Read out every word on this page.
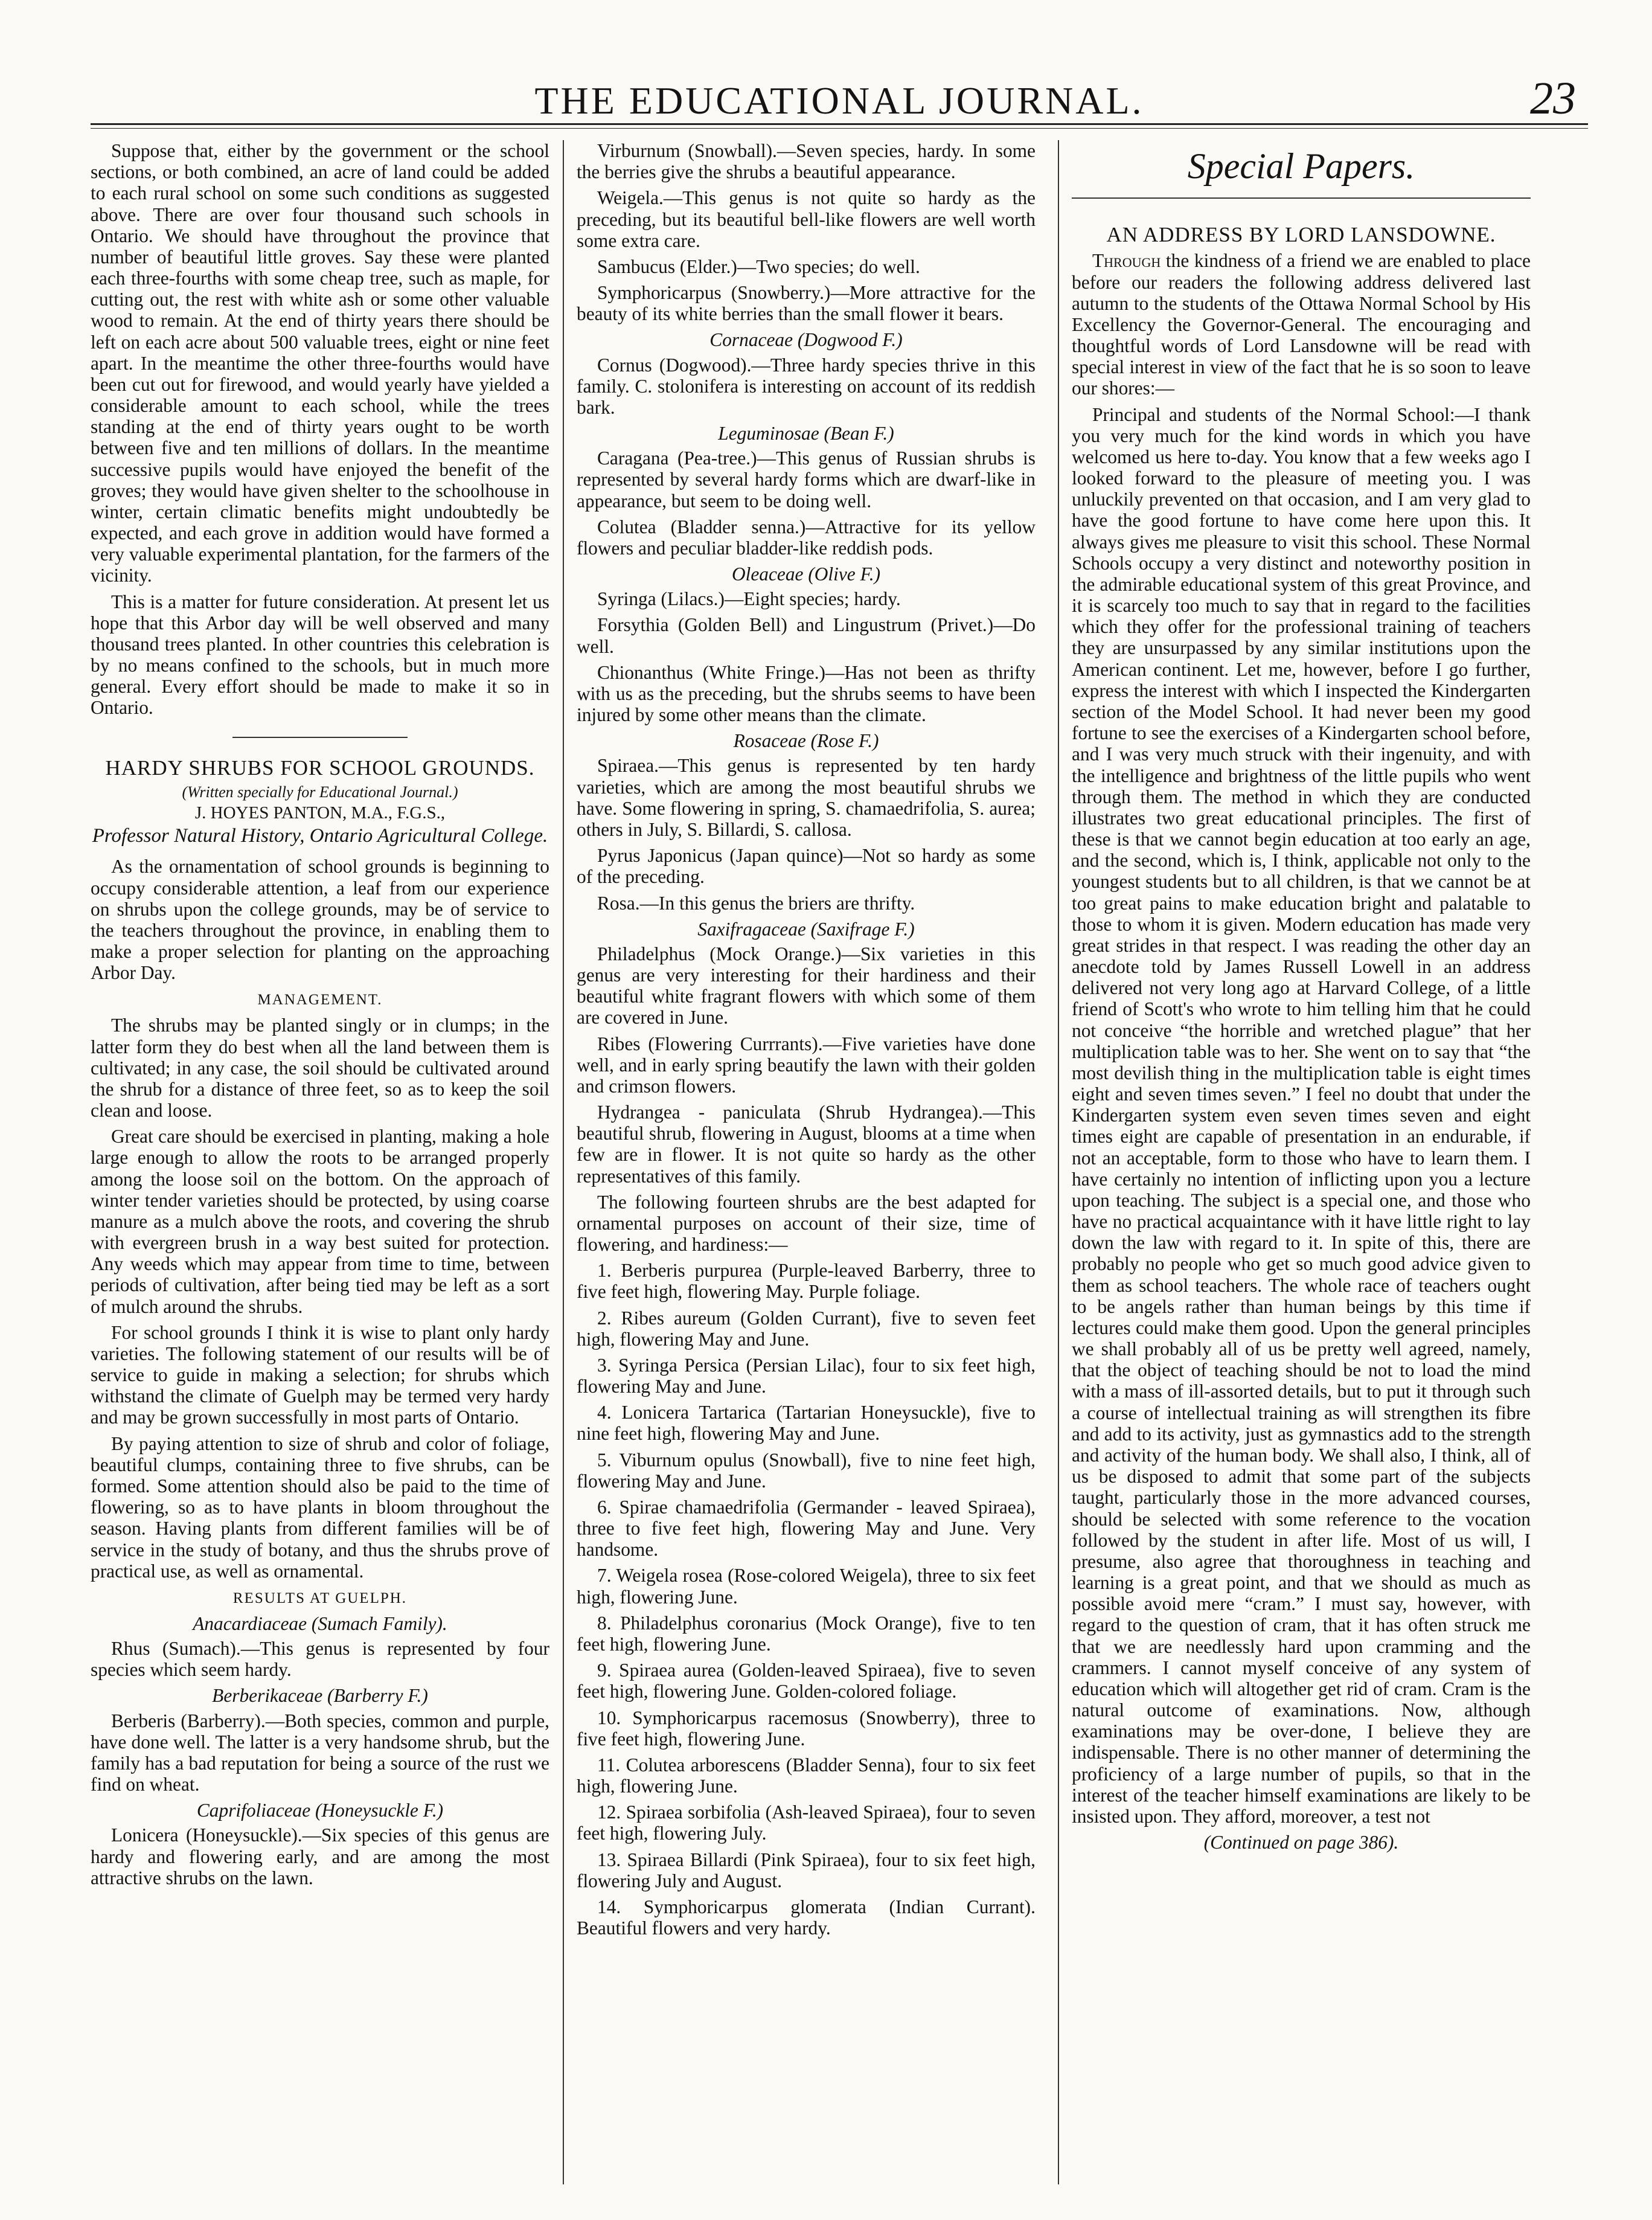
THE EDUCATIONAL JOURNAL.	23

Suppose that, either by the government or the school sections, or both combined, an acre of land could be added to each rural school on some such conditions as suggested above. There are over four thousand such schools in Ontario. We should have throughout the province that number of beautiful little groves. Say these were planted each three-fourths with some cheap tree, such as maple, for cutting out, the rest with white ash or some other valuable wood to remain. At the end of thirty years there should be left on each acre about 500 valuable trees, eight or nine feet apart. In the meantime the other three-fourths would have been cut out for firewood, and would yearly have yielded a considerable amount to each school, while the trees standing at the end of thirty years ought to be worth between five and ten millions of dollars. In the meantime successive pupils would have enjoyed the benefit of the groves; they would have given shelter to the schoolhouse in winter, certain climatic benefits might undoubtedly be expected, and each grove in addition would have formed a very valuable experimental plantation, for the farmers of the vicinity.

This is a matter for future consideration. At present let us hope that this Arbor day will be well observed and many thousand trees planted. In other countries this celebration is by no means confined to the schools, but in much more general. Every effort should be made to make it so in Ontario.

HARDY SHRUBS FOR SCHOOL GROUNDS.

(Written specially for Educational Journal.)

J. HOYES PANTON, M.A., F.G.S.,

Professor Natural History, Ontario Agricultural College.

As the ornamentation of school grounds is beginning to occupy considerable attention, a leaf from our experience on shrubs upon the college grounds, may be of service to the teachers throughout the province, in enabling them to make a proper selection for planting on the approaching Arbor Day.

MANAGEMENT.

The shrubs may be planted singly or in clumps; in the latter form they do best when all the land between them is cultivated; in any case, the soil should be cultivated around the shrub for a distance of three feet, so as to keep the soil clean and loose.

Great care should be exercised in planting, making a hole large enough to allow the roots to be arranged properly among the loose soil on the bottom. On the approach of winter tender varieties should be protected, by using coarse manure as a mulch above the roots, and covering the shrub with evergreen brush in a way best suited for protection. Any weeds which may appear from time to time, between periods of cultivation, after being tied may be left as a sort of mulch around the shrubs.

For school grounds I think it is wise to plant only hardy varieties. The following statement of our results will be of service to guide in making a selection; for shrubs which withstand the climate of Guelph may be termed very hardy and may be grown successfully in most parts of Ontario.

By paying attention to size of shrub and color of foliage, beautiful clumps, containing three to five shrubs, can be formed. Some attention should also be paid to the time of flowering, so as to have plants in bloom throughout the season. Having plants from different families will be of service in the study of botany, and thus the shrubs prove of practical use, as well as ornamental.

RESULTS AT GUELPH.

Anacardiaceae (Sumach Family).

Rhus (Sumach).—This genus is represented by four species which seem hardy.

Berberikaceae (Barberry F.)

Berberis (Barberry).—Both species, common and purple, have done well. The latter is a very handsome shrub, but the family has a bad reputation for being a source of the rust we find on wheat.

Caprifoliaceae (Honeysuckle F.)

Lonicera (Honeysuckle).—Six species of this genus are hardy and flowering early, and are among the most attractive shrubs on the lawn.

Virburnum (Snowball).—Seven species, hardy. In some the berries give the shrubs a beautiful appearance.

Weigela.—This genus is not quite so hardy as the preceding, but its beautiful bell-like flowers are well worth some extra care.

Sambucus (Elder.)—Two species; do well.

Symphoricarpus (Snowberry.)—More attractive for the beauty of its white berries than the small flower it bears.

Cornaceae (Dogwood F.)

Cornus (Dogwood).—Three hardy species thrive in this family. C. stolonifera is interesting on account of its reddish bark.

Leguminosae (Bean F.)

Caragana (Pea-tree.)—This genus of Russian shrubs is represented by several hardy forms which are dwarf-like in appearance, but seem to be doing well.

Colutea (Bladder senna.)—Attractive for its yellow flowers and peculiar bladder-like reddish pods.

Oleaceae (Olive F.)

Syringa (Lilacs.)—Eight species; hardy.

Forsythia (Golden Bell) and Lingustrum (Privet.)—Do well.

Chionanthus (White Fringe.)—Has not been as thrifty with us as the preceding, but the shrubs seems to have been injured by some other means than the climate.

Rosaceae (Rose F.)

Spiraea.—This genus is represented by ten hardy varieties, which are among the most beautiful shrubs we have. Some flowering in spring, S. chamaedrifolia, S. aurea; others in July, S. Billardi, S. callosa.

Pyrus Japonicus (Japan quince)—Not so hardy as some of the preceding.

Rosa.—In this genus the briers are thrifty.

Saxifragaceae (Saxifrage F.)

Philadelphus (Mock Orange.)—Six varieties in this genus are very interesting for their hardiness and their beautiful white fragrant flowers with which some of them are covered in June.

Ribes (Flowering Currrants).—Five varieties have done well, and in early spring beautify the lawn with their golden and crimson flowers.

Hydrangea - paniculata (Shrub Hydrangea).—This beautiful shrub, flowering in August, blooms at a time when few are in flower. It is not quite so hardy as the other representatives of this family.

The following fourteen shrubs are the best adapted for ornamental purposes on account of their size, time of flowering, and hardiness:—

1. Berberis purpurea (Purple-leaved Barberry, three to five feet high, flowering May. Purple foliage.

2. Ribes aureum (Golden Currant), five to seven feet high, flowering May and June.

3. Syringa Persica (Persian Lilac), four to six feet high, flowering May and June.

4. Lonicera Tartarica (Tartarian Honeysuckle), five to nine feet high, flowering May and June.

5. Viburnum opulus (Snowball), five to nine feet high, flowering May and June.

6. Spirae chamaedrifolia (Germander - leaved Spiraea), three to five feet high, flowering May and June. Very handsome.

7. Weigela rosea (Rose-colored Weigela), three to six feet high, flowering June.

8. Philadelphus coronarius (Mock Orange), five to ten feet high, flowering June.

9. Spiraea aurea (Golden-leaved Spiraea), five to seven feet high, flowering June. Golden-colored foliage.

10. Symphoricarpus racemosus (Snowberry), three to five feet high, flowering June.

11. Colutea arborescens (Bladder Senna), four to six feet high, flowering June.

12. Spiraea sorbifolia (Ash-leaved Spiraea), four to seven feet high, flowering July.

13. Spiraea Billardi (Pink Spiraea), four to six feet high, flowering July and August.

14. Symphoricarpus glomerata (Indian Currant). Beautiful flowers and very hardy.

Special Papers.

AN ADDRESS BY LORD LANSDOWNE.

Through the kindness of a friend we are enabled to place before our readers the following address delivered last autumn to the students of the Ottawa Normal School by His Excellency the Governor-General. The encouraging and thoughtful words of Lord Lansdowne will be read with special interest in view of the fact that he is so soon to leave our shores:—

Principal and students of the Normal School:—I thank you very much for the kind words in which you have welcomed us here to-day. You know that a few weeks ago I looked forward to the pleasure of meeting you. I was unluckily prevented on that occasion, and I am very glad to have the good fortune to have come here upon this. It always gives me pleasure to visit this school. These Normal Schools occupy a very distinct and noteworthy position in the admirable educational system of this great Province, and it is scarcely too much to say that in regard to the facilities which they offer for the professional training of teachers they are unsurpassed by any similar institutions upon the American continent. Let me, however, before I go further, express the interest with which I inspected the Kindergarten section of the Model School. It had never been my good fortune to see the exercises of a Kindergarten school before, and I was very much struck with their ingenuity, and with the intelligence and brightness of the little pupils who went through them. The method in which they are conducted illustrates two great educational principles. The first of these is that we cannot begin education at too early an age, and the second, which is, I think, applicable not only to the youngest students but to all children, is that we cannot be at too great pains to make education bright and palatable to those to whom it is given. Modern education has made very great strides in that respect. I was reading the other day an anecdote told by James Russell Lowell in an address delivered not very long ago at Harvard College, of a little friend of Scott's who wrote to him telling him that he could not conceive “the horrible and wretched plague” that her multiplication table was to her. She went on to say that “the most devilish thing in the multiplication table is eight times eight and seven times seven.” I feel no doubt that under the Kindergarten system even seven times seven and eight times eight are capable of presentation in an endurable, if not an acceptable, form to those who have to learn them. I have certainly no intention of inflicting upon you a lecture upon teaching. The subject is a special one, and those who have no practical acquaintance with it have little right to lay down the law with regard to it. In spite of this, there are probably no people who get so much good advice given to them as school teachers. The whole race of teachers ought to be angels rather than human beings by this time if lectures could make them good. Upon the general principles we shall probably all of us be pretty well agreed, namely, that the object of teaching should be not to load the mind with a mass of ill-assorted details, but to put it through such a course of intellectual training as will strengthen its fibre and add to its activity, just as gymnastics add to the strength and activity of the human body. We shall also, I think, all of us be disposed to admit that some part of the subjects taught, particularly those in the more advanced courses, should be selected with some reference to the vocation followed by the student in after life. Most of us will, I presume, also agree that thoroughness in teaching and learning is a great point, and that we should as much as possible avoid mere “cram.” I must say, however, with regard to the question of cram, that it has often struck me that we are needlessly hard upon cramming and the crammers. I cannot myself conceive of any system of education which will altogether get rid of cram. Cram is the natural outcome of examinations. Now, although examinations may be over-done, I believe they are indispensable. There is no other manner of determining the proficiency of a large number of pupils, so that in the interest of the teacher himself examinations are likely to be insisted upon. They afford, moreover, a test not

(Continued on page 386).
